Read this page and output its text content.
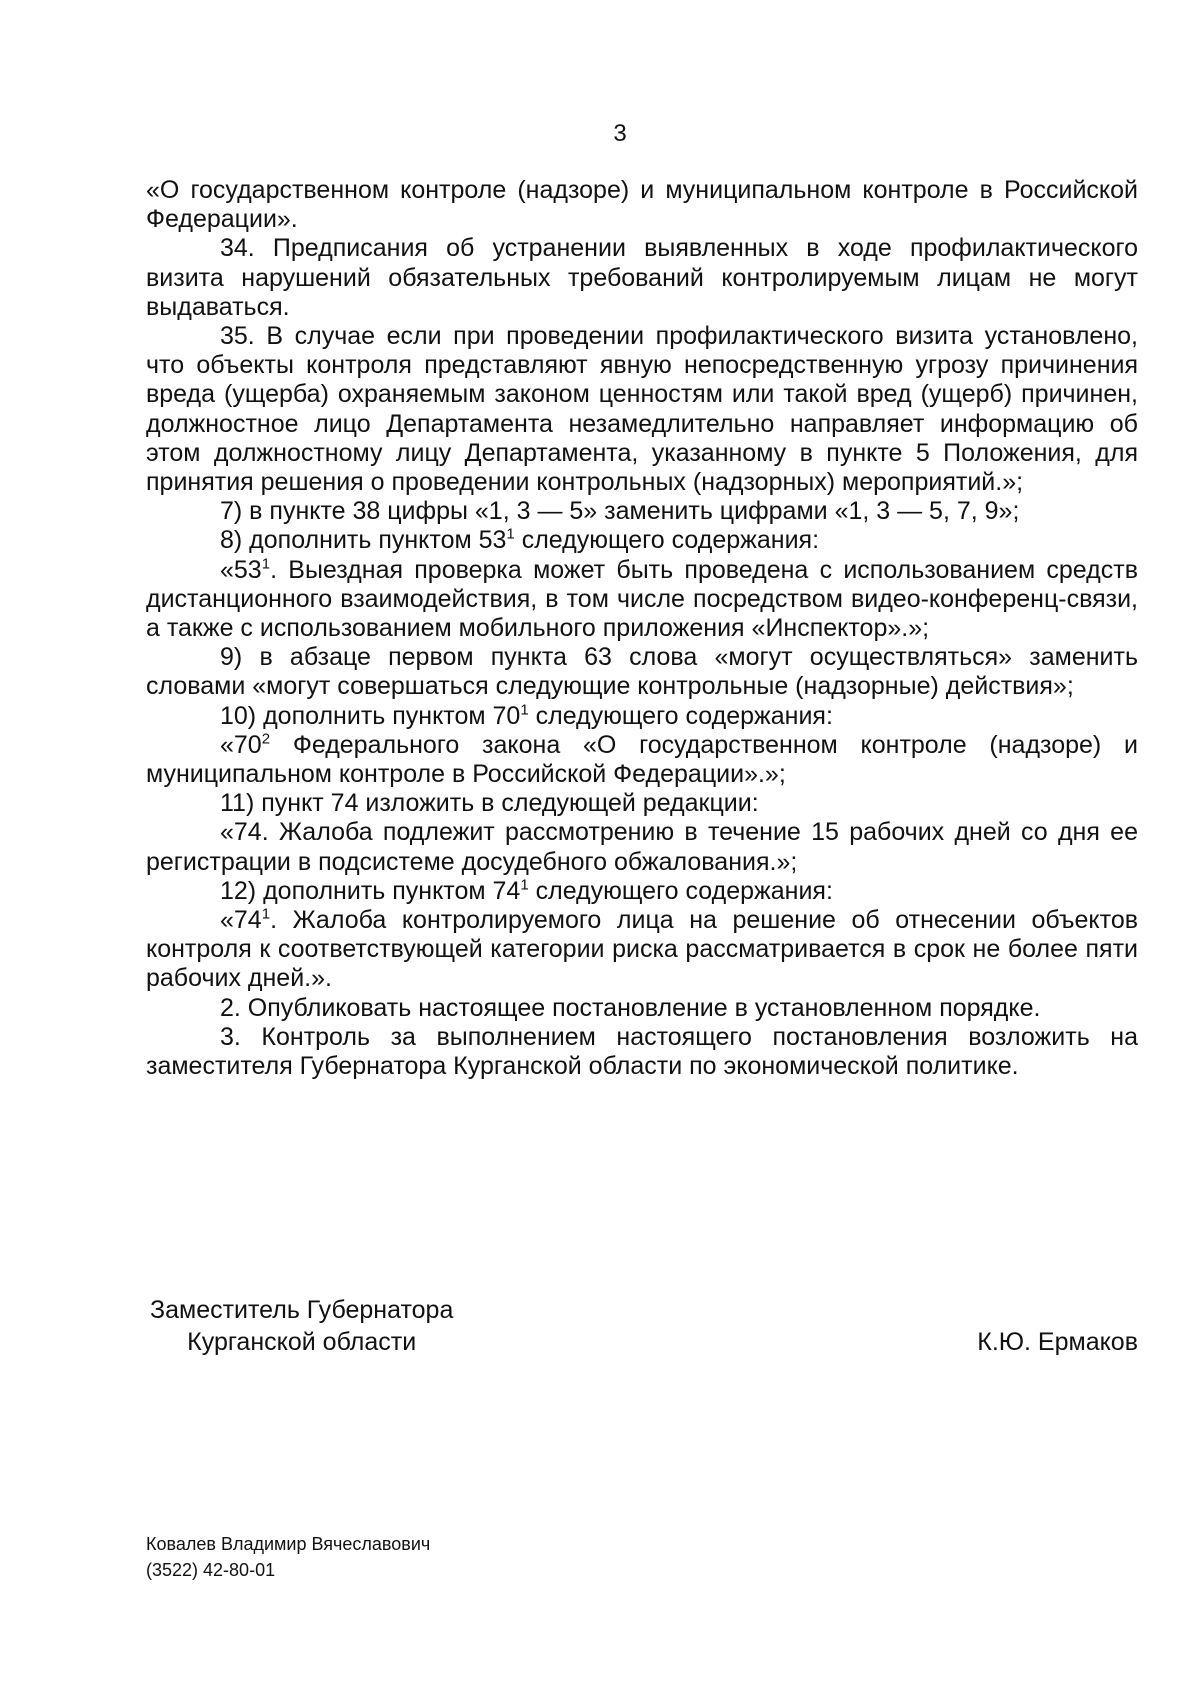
3

«О государственном контроле (надзоре) и муниципальном контроле в Российской Федерации».

34. Предписания об устранении выявленных в ходе профилактического визита нарушений обязательных требований контролируемым лицам не могут выдаваться.

35. В случае если при проведении профилактического визита установлено, что объекты контроля представляют явную непосредственную угрозу причинения вреда (ущерба) охраняемым законом ценностям или такой вред (ущерб) причинен, должностное лицо Департамента незамедлительно направляет информацию об этом должностному лицу Департамента, указанному в пункте 5 Положения, для принятия решения о проведении контрольных (надзорных) мероприятий.»;

7) в пункте 38 цифры «1, 3 — 5» заменить цифрами «1, 3 — 5, 7, 9»;

8) дополнить пунктом $53^1$ следующего содержания:

«$53^1$. Выездная проверка может быть проведена с использованием средств дистанционного взаимодействия, в том числе посредством видео-конференц-связи, а также с использованием мобильного приложения «Инспектор».»;

9) в абзаце первом пункта 63 слова «могут осуществляться» заменить словами «могут совершаться следующие контрольные (надзорные) действия»;

10) дополнить пунктом $70^1$ следующего содержания:

«$70^2$ Федерального закона «О государственном контроле (надзоре) и муниципальном контроле в Российской Федерации».»;

11) пункт 74 изложить в следующей редакции:

«74. Жалоба подлежит рассмотрению в течение 15 рабочих дней со дня ее регистрации в подсистеме досудебного обжалования.»;

12) дополнить пунктом $74^1$ следующего содержания:

«$74^1$. Жалоба контролируемого лица на решение об отнесении объектов контроля к соответствующей категории риска рассматривается в срок не более пяти рабочих дней.».

2. Опубликовать настоящее постановление в установленном порядке.

3. Контроль за выполнением настоящего постановления возложить на заместителя Губернатора Курганской области по экономической политике.

Заместитель Губернатора
Курганской области	К.Ю. Ермаков
Ковалев Владимир Вячеславович
(3522) 42-80-01
